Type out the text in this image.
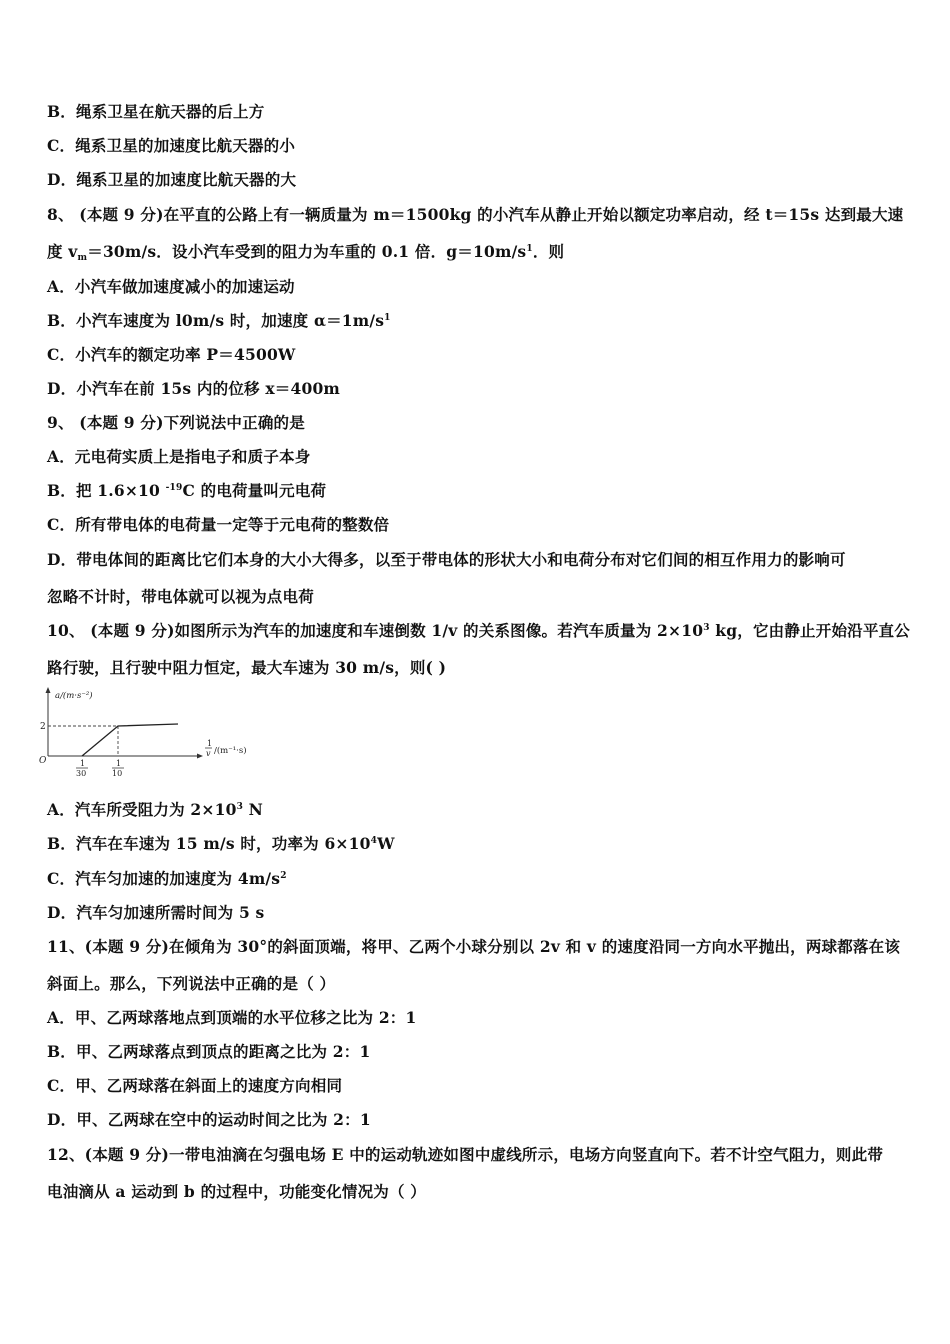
B．绳系卫星在航天器的后上方
C．绳系卫星的加速度比航天器的小
D．绳系卫星的加速度比航天器的大
8、 (本题 9 分)在平直的公路上有一辆质量为 m＝1500kg 的小汽车从静止开始以额定功率启动，经 t＝15s 达到最大速
度 $v_m=30m/s$．设小汽车受到的阻力为车重的 0.1 倍．$g=10m/s^1$．则
A．小汽车做加速度减小的加速运动
B．小汽车速度为 l0m/s 时，加速度 $\alpha=1m/s^1$
C．小汽车的额定功率 P＝4500W
D．小汽车在前 15s 内的位移 x＝400m
9、 (本题 9 分)下列说法中正确的是
A．元电荷实质上是指电子和质子本身
B．把 1.6×10 $^{-19}$C 的电荷量叫元电荷
C．所有带电体的电荷量一定等于元电荷的整数倍
D．带电体间的距离比它们本身的大小大得多，以至于带电体的形状大小和电荷分布对它们间的相互作用力的影响可
忽略不计时，带电体就可以视为点电荷
10、 (本题 9 分)如图所示为汽车的加速度和车速倒数 1/v 的关系图像。若汽车质量为 $2\times 10^3$ kg，它由静止开始沿平直公
路行驶，且行驶中阻力恒定，最大车速为 30 m/s，则( )
A．汽车所受阻力为 $2\times 10^3$ N
B．汽车在车速为 15 m/s 时，功率为 $6\times 10^4W$
C．汽车匀加速的加速度为 $4m/s^2$
D．汽车匀加速所需时间为 5 s
11、(本题 9 分)在倾角为 30°的斜面顶端，将甲、乙两个小球分别以 2v 和 v 的速度沿同一方向水平抛出，两球都落在该
斜面上。那么，下列说法中正确的是（ ）
A．甲、乙两球落地点到顶端的水平位移之比为 2：1
B．甲、乙两球落点到顶点的距离之比为 2：1
C．甲、乙两球落在斜面上的速度方向相同
D．甲、乙两球在空中的运动时间之比为 2：1
12、(本题 9 分)一带电油滴在匀强电场 E 中的运动轨迹如图中虚线所示，电场方向竖直向下。若不计空气阻力，则此带
电油滴从 a 运动到 b 的过程中，功能变化情况为（ ）
a/(m·s⁻²)
2
O	1
30
1
10
1
v /(m⁻¹·s)
